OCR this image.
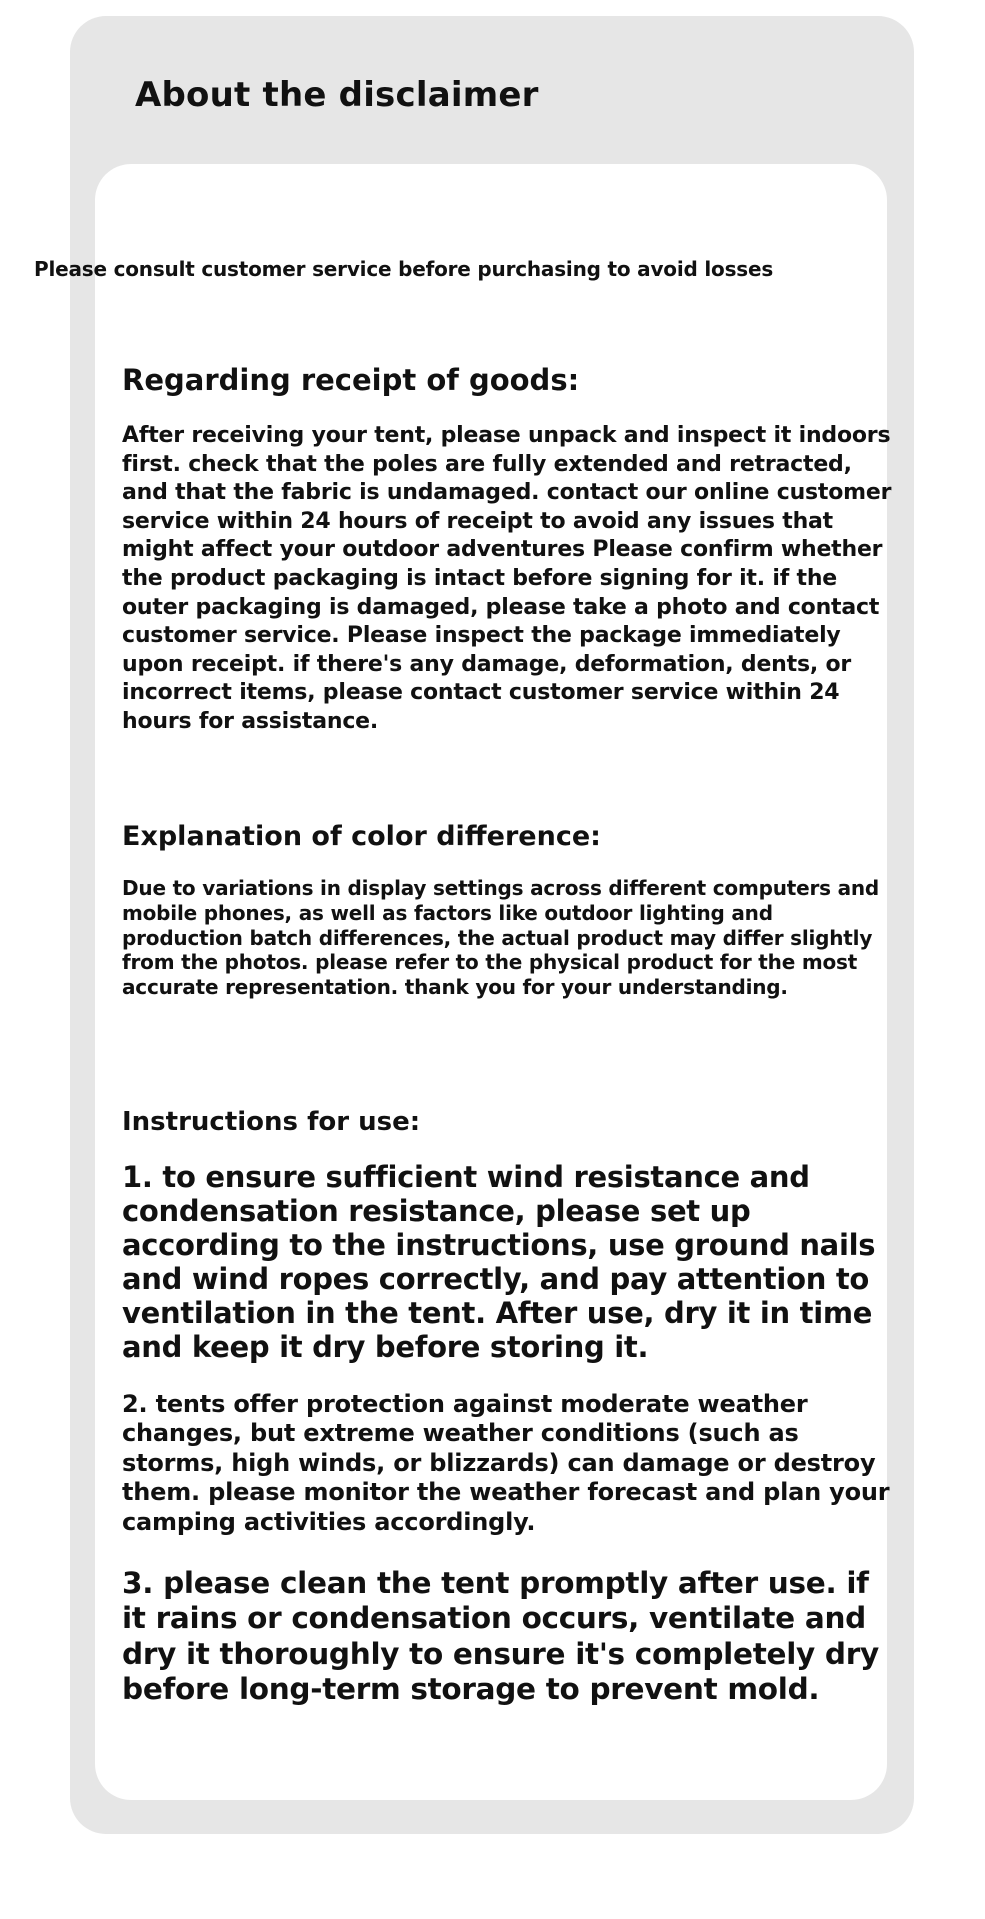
About the disclaimer

Please consult customer service before purchasing to avoid losses

Regarding receipt of goods:

After receiving your tent, please unpack and inspect it indoors first. check that the poles are fully extended and retracted, and that the fabric is undamaged. contact our online customer service within 24 hours of receipt to avoid any issues that might affect your outdoor adventures Please confirm whether the product packaging is intact before signing for it. if the outer packaging is damaged, please take a photo and contact customer service. Please inspect the package immediately upon receipt. if there's any damage, deformation, dents, or incorrect items, please contact customer service within 24 hours for assistance.

Explanation of color difference:

Due to variations in display settings across different computers and mobile phones, as well as factors like outdoor lighting and production batch differences, the actual product may differ slightly from the photos. please refer to the physical product for the most accurate representation. thank you for your understanding.

Instructions for use:

1. to ensure sufficient wind resistance and condensation resistance, please set up according to the instructions, use ground nails and wind ropes correctly, and pay attention to ventilation in the tent. After use, dry it in time and keep it dry before storing it.

2. tents offer protection against moderate weather changes, but extreme weather conditions (such as storms, high winds, or blizzards) can damage or destroy them. please monitor the weather forecast and plan your camping activities accordingly.

3. please clean the tent promptly after use. if it rains or condensation occurs, ventilate and dry it thoroughly to ensure it's completely dry before long-term storage to prevent mold.
